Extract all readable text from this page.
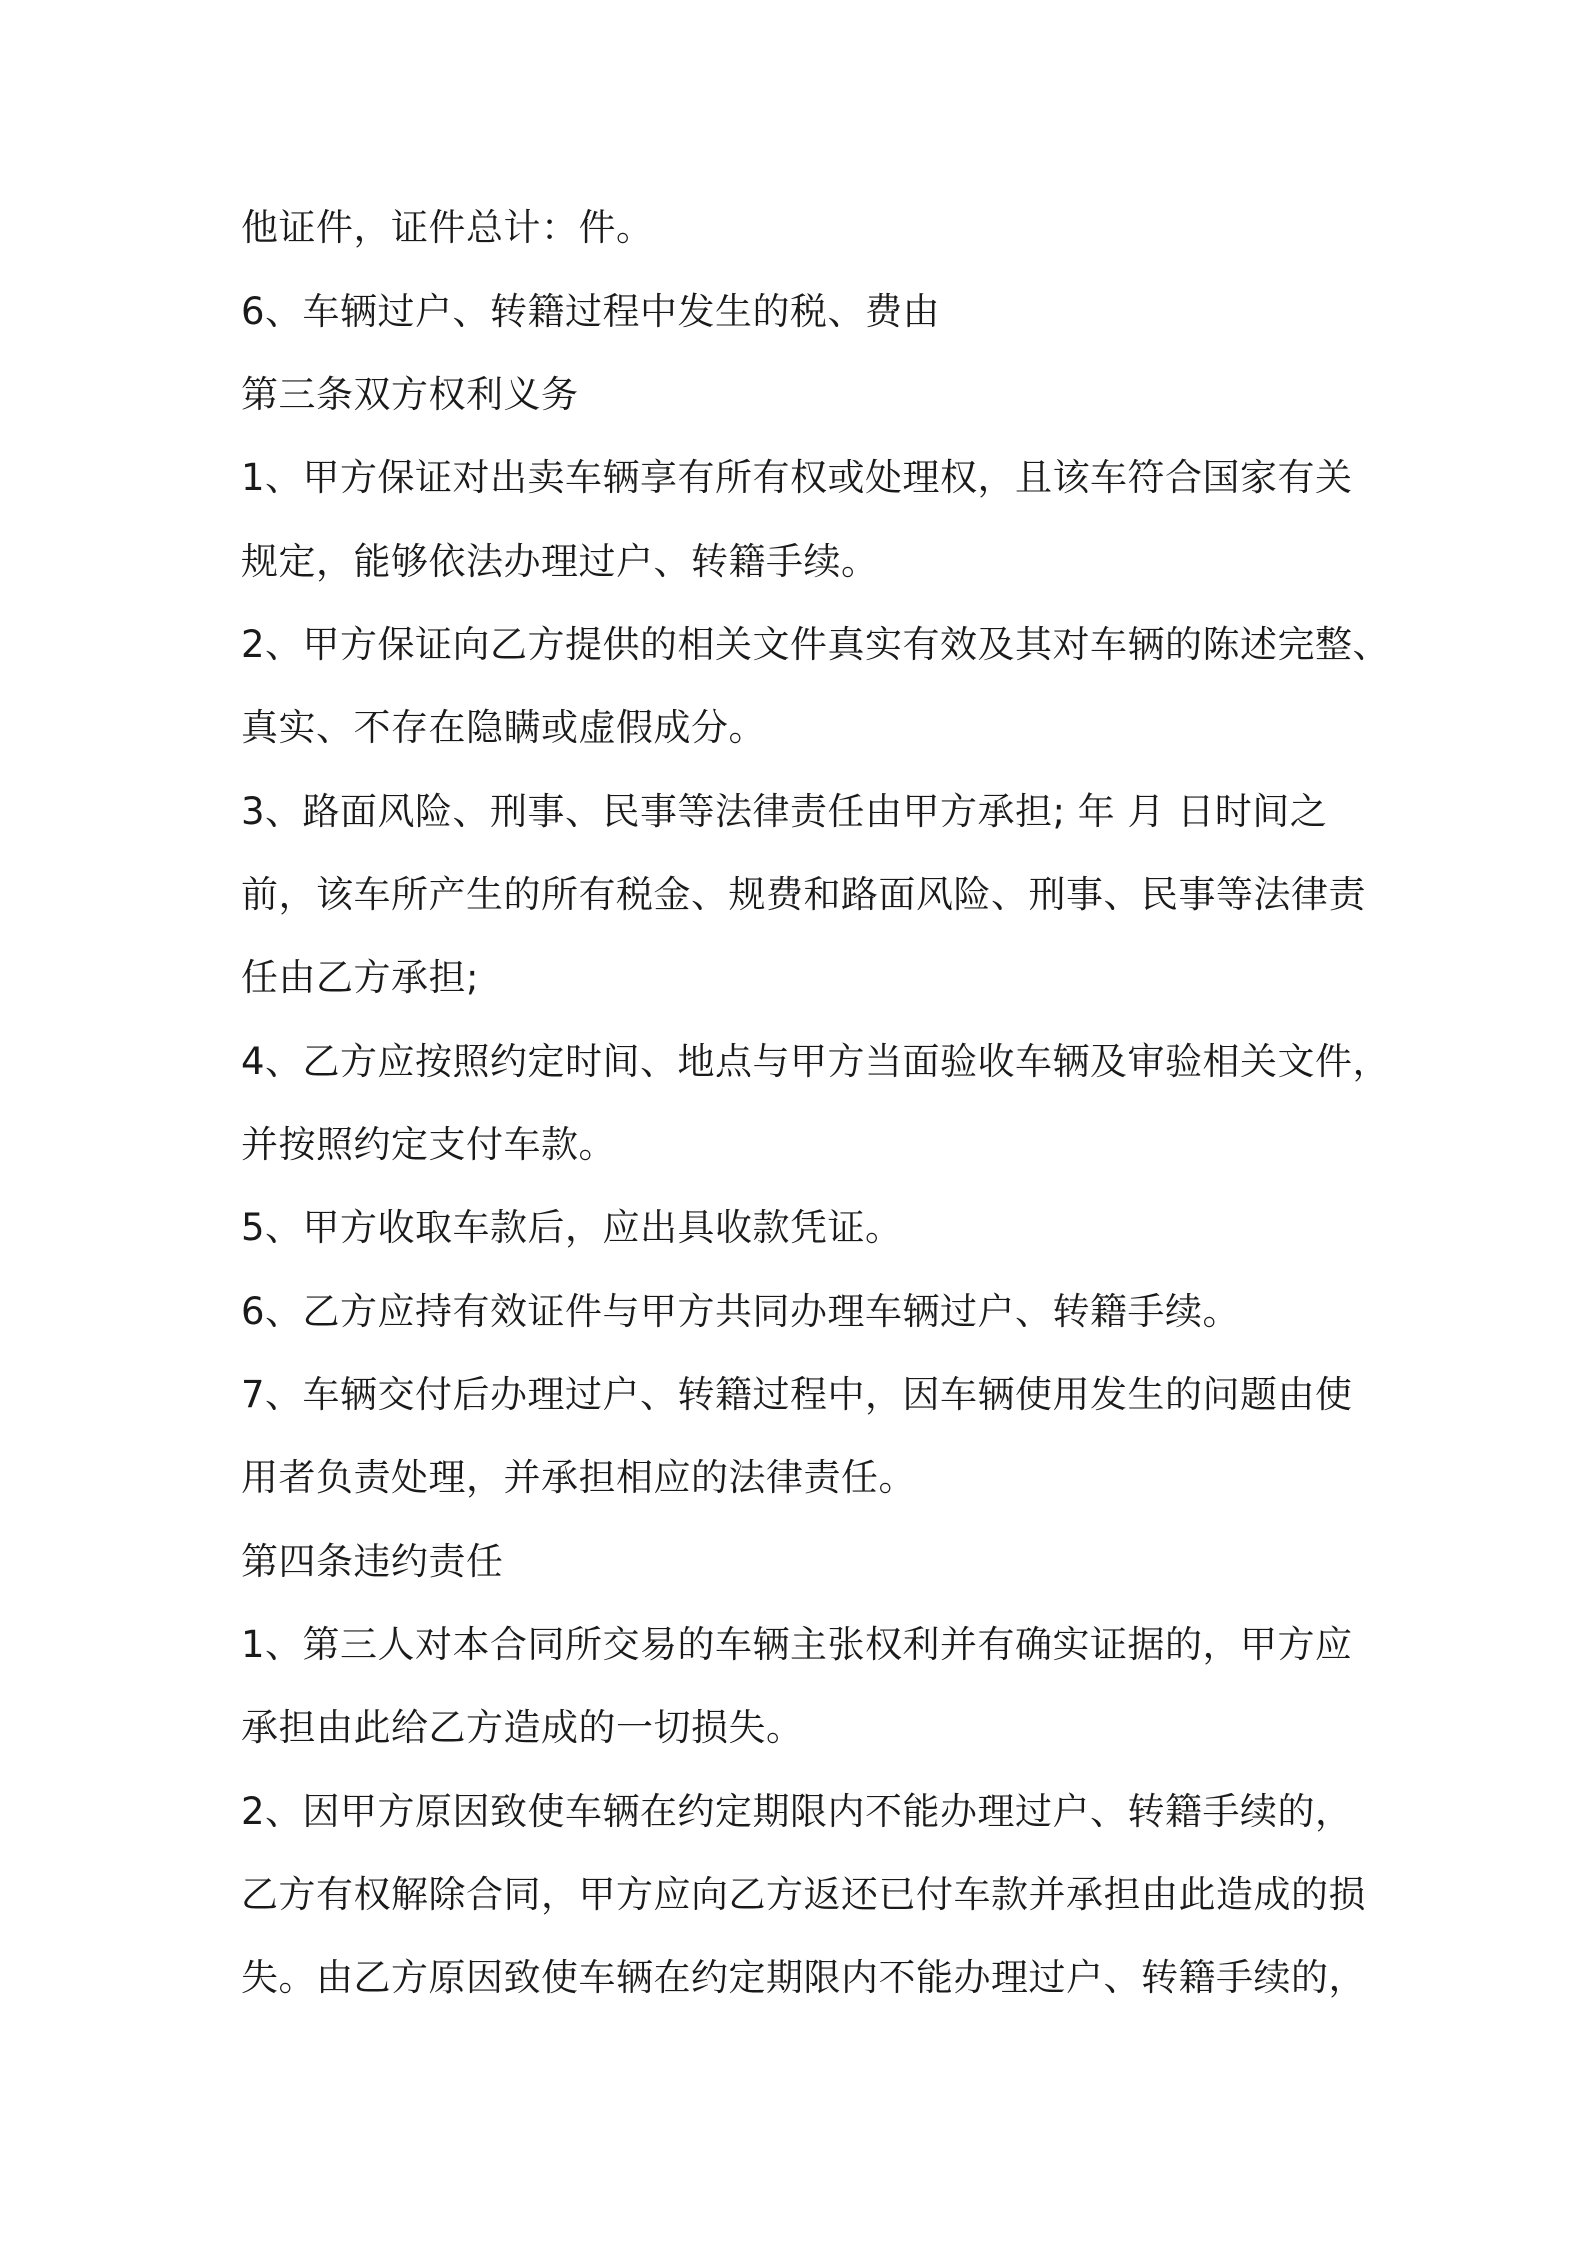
他证件，证件总计：件。
6、车辆过户、转籍过程中发生的税、费由
第三条双方权利义务
1、甲方保证对出卖车辆享有所有权或处理权，且该车符合国家有关
规定，能够依法办理过户、转籍手续。
2、甲方保证向乙方提供的相关文件真实有效及其对车辆的陈述完整、
真实、不存在隐瞒或虚假成分。
3、路面风险、刑事、民事等法律责任由甲方承担; 年 月 日时间之
前，该车所产生的所有税金、规费和路面风险、刑事、民事等法律责
任由乙方承担;
4、乙方应按照约定时间、地点与甲方当面验收车辆及审验相关文件，
并按照约定支付车款。
5、甲方收取车款后，应出具收款凭证。
6、乙方应持有效证件与甲方共同办理车辆过户、转籍手续。
7、车辆交付后办理过户、转籍过程中，因车辆使用发生的问题由使
用者负责处理，并承担相应的法律责任。
第四条违约责任
1、第三人对本合同所交易的车辆主张权利并有确实证据的，甲方应
承担由此给乙方造成的一切损失。
2、因甲方原因致使车辆在约定期限内不能办理过户、转籍手续的，
乙方有权解除合同，甲方应向乙方返还已付车款并承担由此造成的损
失。由乙方原因致使车辆在约定期限内不能办理过户、转籍手续的，
